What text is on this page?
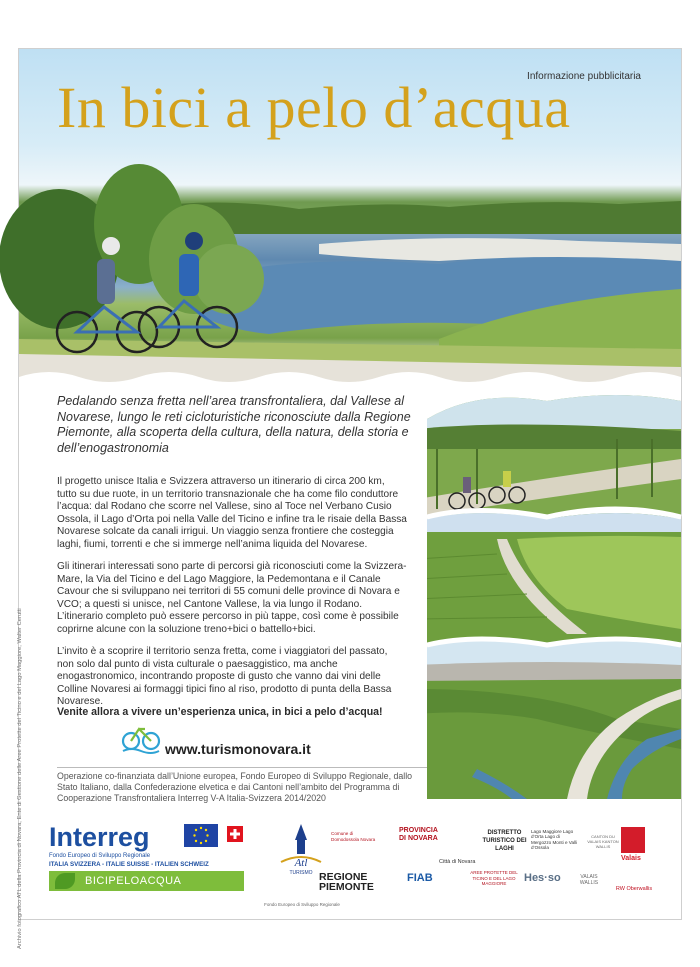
Informazione pubblicitaria
In bici a pelo d’acqua
Pedalando senza fretta nell’area transfrontaliera, dal Vallese al Novarese, lungo le reti cicloturistiche riconosciute dalla Regione Piemonte, alla scoperta della cultura, della natura, della storia e dell’enogastronomia
Il progetto unisce Italia e Svizzera attraverso un itinerario di circa 200 km, tutto su due ruote, in un territorio transnazionale che ha come filo conduttore l’acqua: dal Rodano che scorre nel Vallese, sino al Toce nel Verbano Cusio Ossola, il Lago d’Orta poi nella Valle del Ticino e infine tra le risaie della Bassa Novarese solcate da canali irrigui. Un viaggio senza frontiere che costeggia laghi, fiumi, torrenti e che si immerge nell’anima liquida del Novarese.
Gli itinerari interessati sono parte di percorsi già riconosciuti come la Svizzera-Mare, la Via del Ticino e del Lago Maggiore, la Pedemontana e il Canale Cavour che si sviluppano nei territori di 55 comuni delle province di Novara e VCO; a questi si unisce, nel Cantone Vallese, la via lungo il Rodano. L’itinerario completo può essere percorso in più tappe, così come è possibile coprirne alcune con la soluzione treno+bici o battello+bici.
L’invito è a scoprire il territorio senza fretta, come i viaggiatori del passato, non solo dal punto di vista culturale o paesaggistico, ma anche enogastronomico, incontrando proposte di gusto che vanno dai vini delle Colline Novaresi ai formaggi tipici fino al riso, prodotto di punta della Bassa Novarese.
Venite allora a vivere un’esperienza unica, in bici a pelo d’acqua!
www.turismonovara.it
Operazione co-finanziata dall’Unione europea, Fondo Europeo di Sviluppo Regionale, dallo Stato Italiano, dalla Confederazione elvetica e dai Cantoni nell’ambito del Programma di Cooperazione Transfrontaliera Interreg V-A Italia-Svizzera 2014/2020
Interreg
Fondo Europeo di Sviluppo Regionale
ITALIA SVIZZERA - ITALIE SUISSE - ITALIEN SCHWEIZ
BICIPELOACQUA
Atl
TURISMO
Comune di Domodossola Novara
PROVINCIA DI NOVARA
Città di Novara
DISTRETTO TURISTICO DEI LAGHI
Lago Maggiore Lago d’Orta Lago di Mergozzo Monti e Valli d’Ossola
CANTON DU VALAIS KANTON WALLIS
Valais
REGIONE PIEMONTE
FIAB	AREE PROTETTE DEL TICINO E DEL LAGO MAGGIORE	Hes·so	VALAIS WALLIS
RW Oberwallis
Fondo Europeo di Sviluppo Regionale
Archivio fotografico ATL della Provincia di Novara, Ente di Gestione delle Aree Protette del Ticino e del Lago Maggiore, Walter Cerutti
